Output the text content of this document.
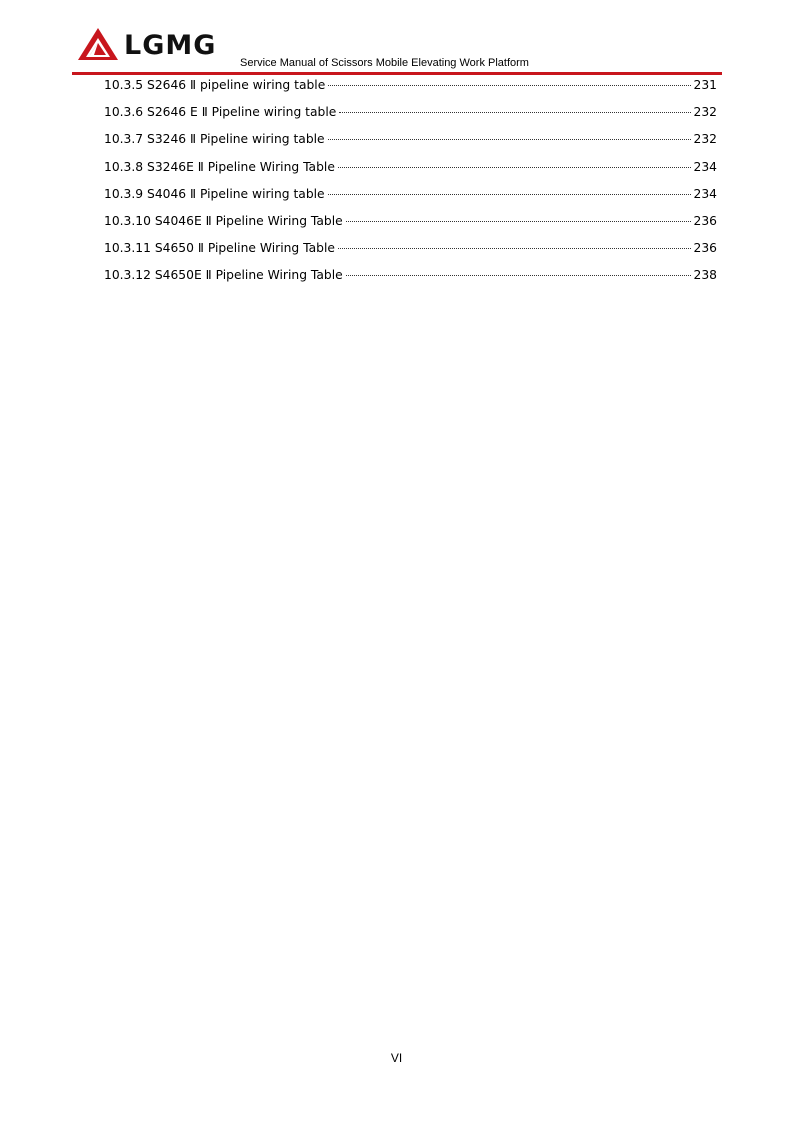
LGMG
Service Manual of Scissors Mobile Elevating Work Platform
10.3.5 S2646 Ⅱ pipeline wiring table	231
10.3.6 S2646 E Ⅱ Pipeline wiring table	232
10.3.7 S3246 Ⅱ Pipeline wiring table	232
10.3.8 S3246E Ⅱ Pipeline Wiring Table	234
10.3.9 S4046 Ⅱ Pipeline wiring table	234
10.3.10 S4046E Ⅱ Pipeline Wiring Table	236
10.3.11 S4650 Ⅱ Pipeline Wiring Table	236
10.3.12 S4650E Ⅱ Pipeline Wiring Table	238
VI
